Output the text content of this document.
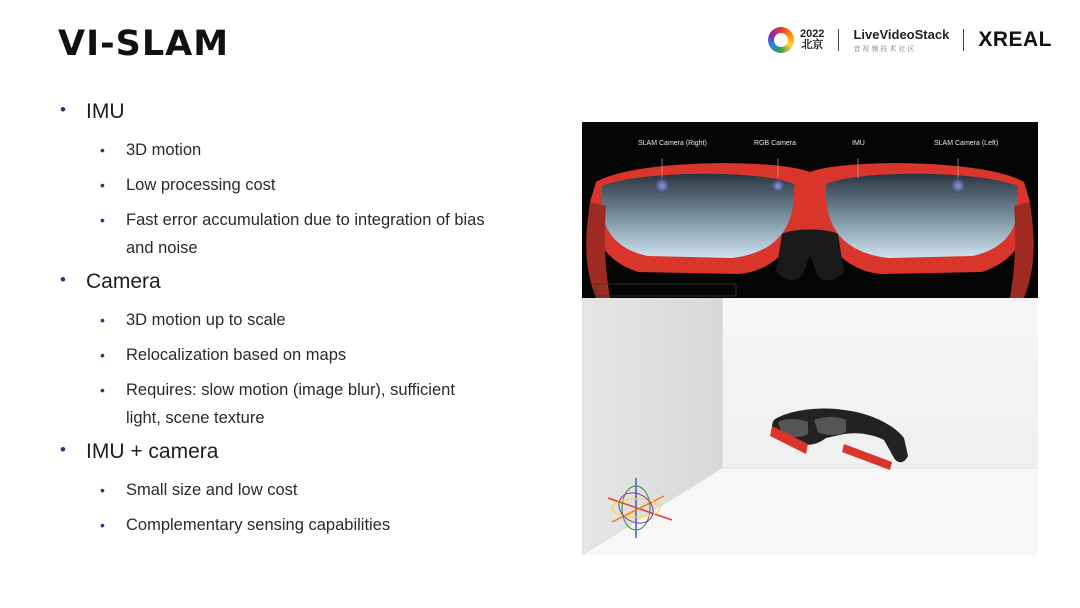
VI-SLAM	2022
北京
LiveVideoStack
音视频技术社区	XREAL
• IMU
• 3D motion
• Low processing cost
• Fast error accumulation due to integration of bias and noise
• Camera
• 3D motion up to scale
• Relocalization based on maps
• Requires: slow motion (image blur), sufficient light, scene texture
• IMU + camera
• Small size and low cost
• Complementary sensing capabilities
SLAM Camera (Right)	RGB Camera	IMU	SLAM Camera (Left)
